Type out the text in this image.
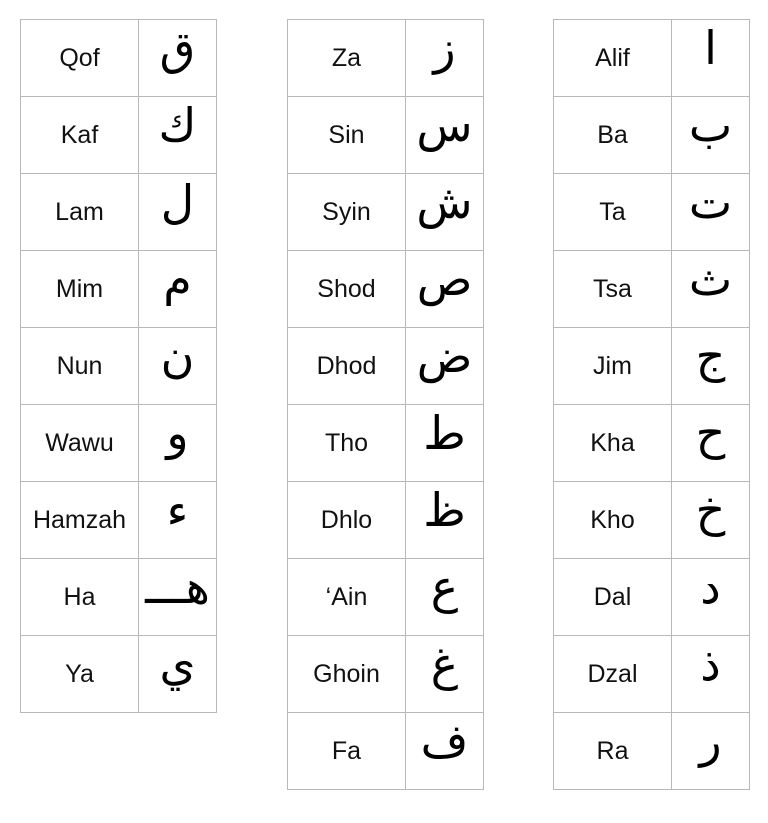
Qof	ق
Kaf	ك
Lam	ل
Mim	م
Nun	ن
Wawu	و
Hamzah	ء
Ha	هـــ
Ya	ي
Za	ز
Sin	س
Syin	ش
Shod	ص
Dhod	ض
Tho	ط
Dhlo	ظ
‘Ain	ع
Ghoin	غ
Fa	ف
Alif	ا
Ba	ب
Ta	ت
Tsa	ث
Jim	ج
Kha	ح
Kho	خ
Dal	د
Dzal	ذ
Ra	ر
